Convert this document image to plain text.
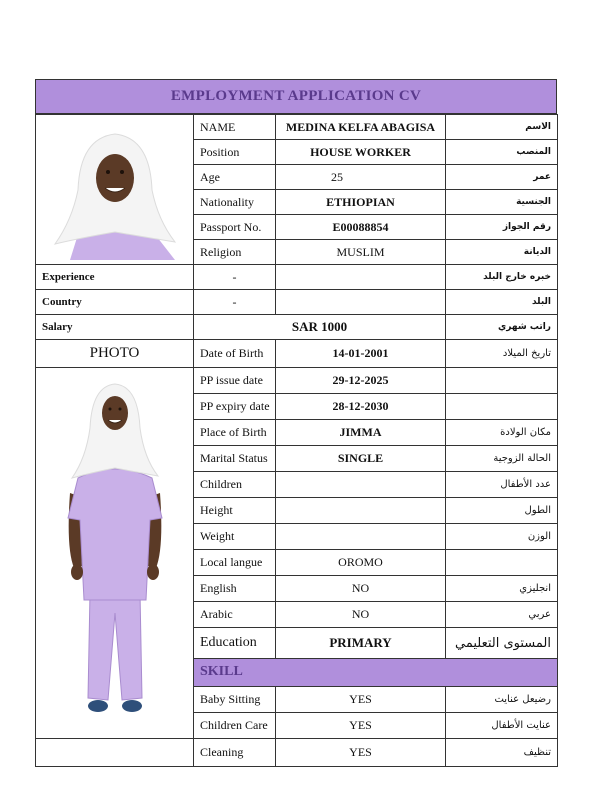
EMPLOYMENT APPLICATION CV
	NAME	MEDINA KELFA ABAGISA	الاسم
	Position	HOUSE WORKER	المنصب
	Age	25	عمر
	Nationality	ETHIOPIAN	الجنسية
	Passport No.	E00088854	رقم الجواز
	Religion	MUSLIM	الديانة
Experience	-		خبره خارج البلد
Country	-		البلد
Salary	SAR 1000		راتب شهري
PHOTO	Date of Birth	14-01-2001	تاريخ الميلاد

	PP issue date	29-12-2025	
	PP expiry date	28-12-2030	
	Place of Birth	JIMMA	مكان الولادة
	Marital Status	SINGLE	الحالة الزوجية
	Children		عدد الأطفال
	Height		الطول
	Weight		الوزن
	Local langue	OROMO	
	English	NO	انجليزي
	Arabic	NO	عربي
	Education	PRIMARY	المستوى التعليمي
	SKILL		
	Baby Sitting	YES	رضيعل عنايت
	Children Care	YES	عنايت الأطفال
	Cleaning	YES	تنظيف
